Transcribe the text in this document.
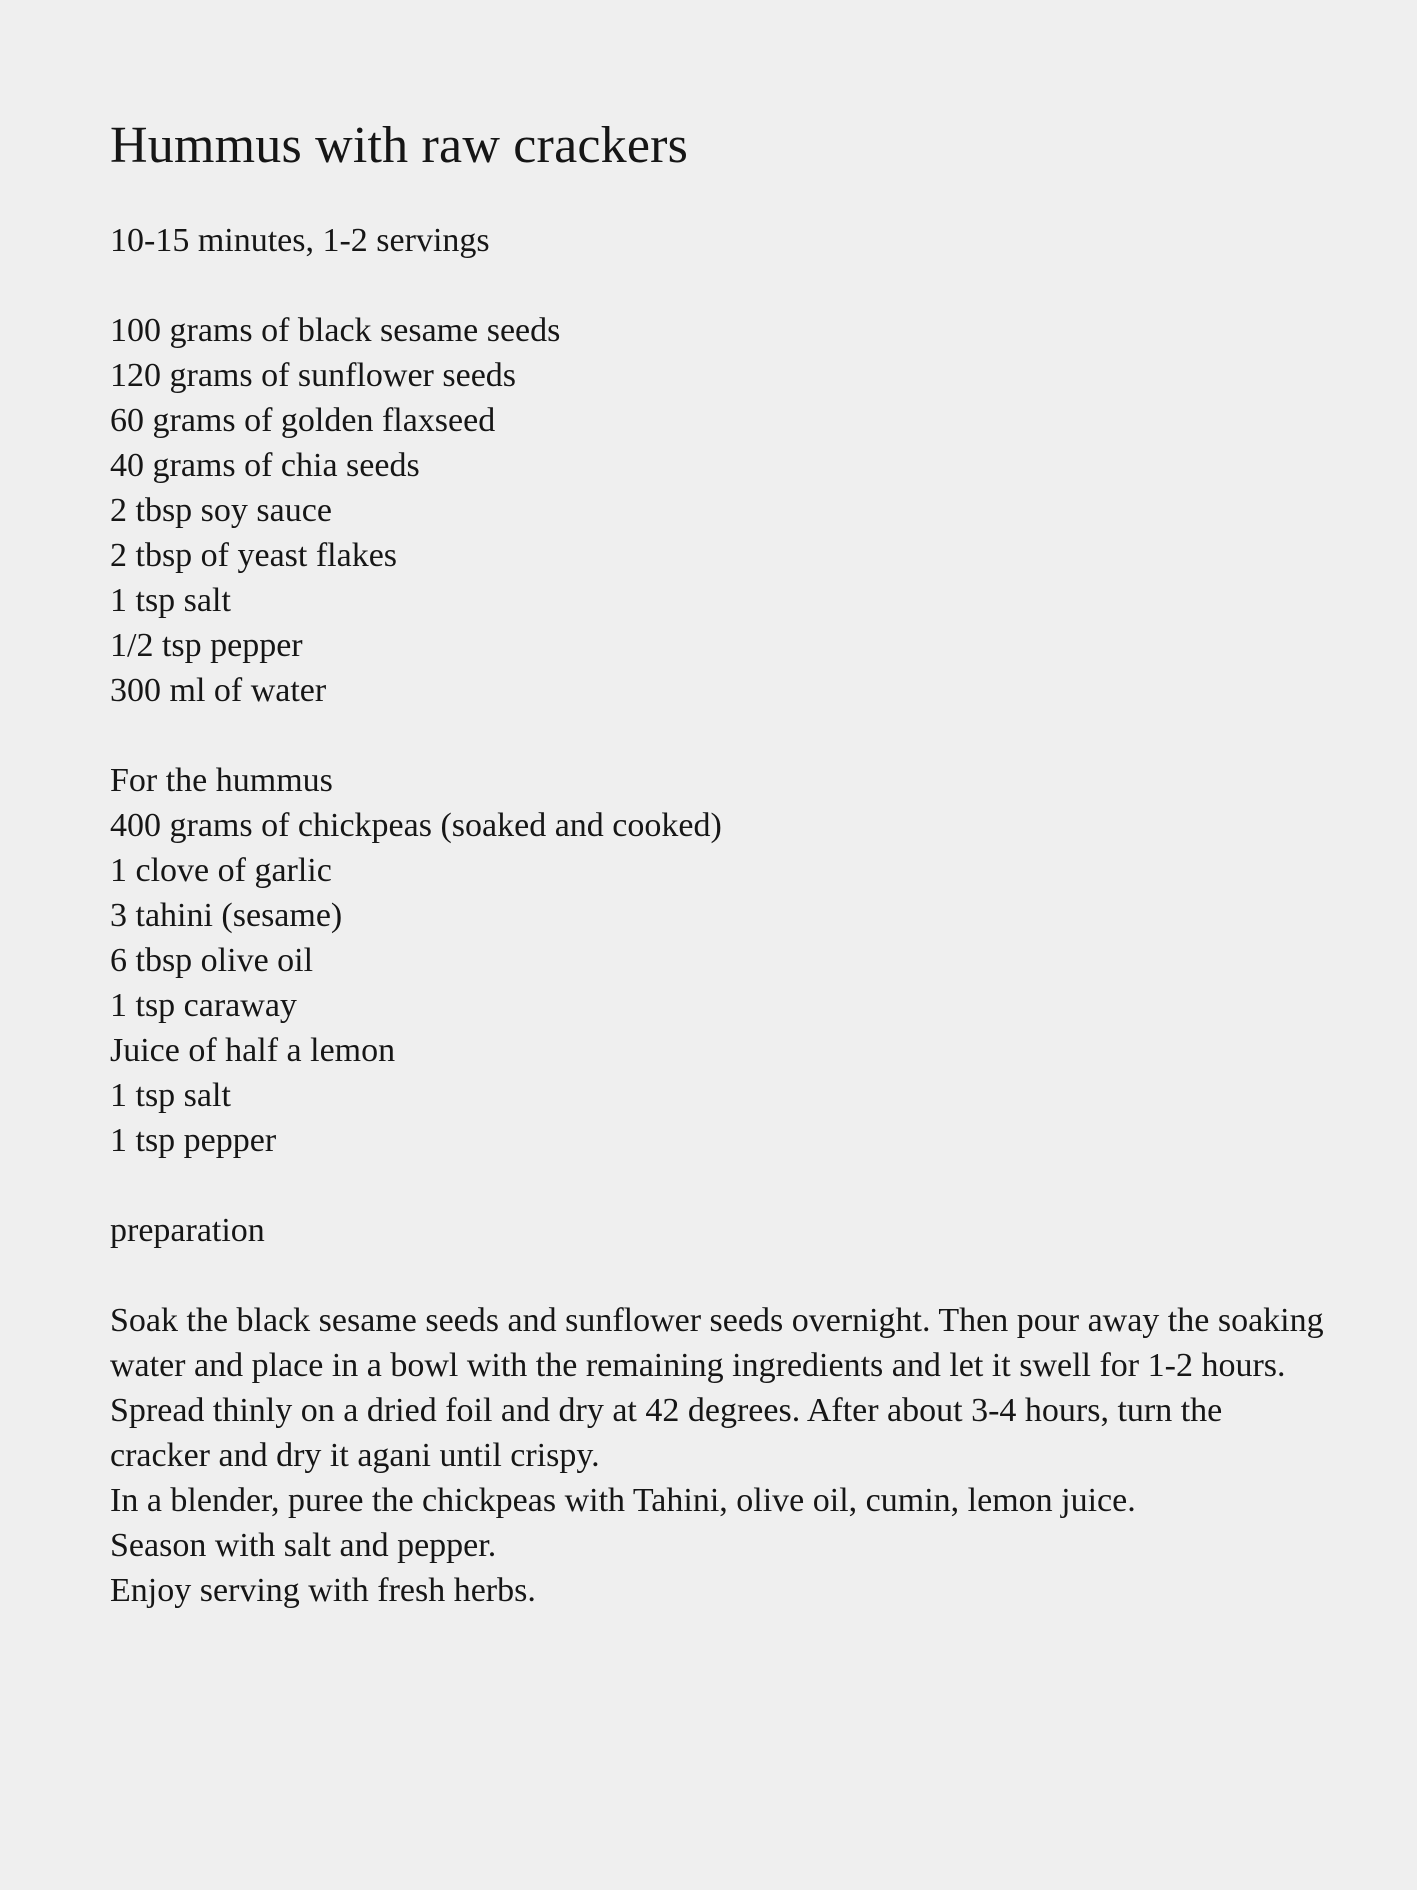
Hummus with raw crackers
10-15 minutes, 1-2 servings
100 grams of black sesame seeds
120 grams of sunflower seeds
60 grams of golden flaxseed
40 grams of chia seeds
2 tbsp soy sauce
2 tbsp of yeast flakes
1 tsp salt
1/2 tsp pepper
300 ml of water
For the hummus
400 grams of chickpeas (soaked and cooked)
1 clove of garlic
3 tahini (sesame)
6 tbsp olive oil
1 tsp caraway
Juice of half a lemon
1 tsp salt
1 tsp pepper
preparation
Soak the black sesame seeds and sunflower seeds overnight. Then pour away the soaking water and place in a bowl with the remaining ingredients and let it swell for 1-2 hours.
Spread thinly on a dried foil and dry at 42 degrees. After about 3-4 hours, turn the cracker and dry it agani until crispy.
In a blender, puree the chickpeas with Tahini, olive oil, cumin, lemon juice.
Season with salt and pepper.
Enjoy serving with fresh herbs.
